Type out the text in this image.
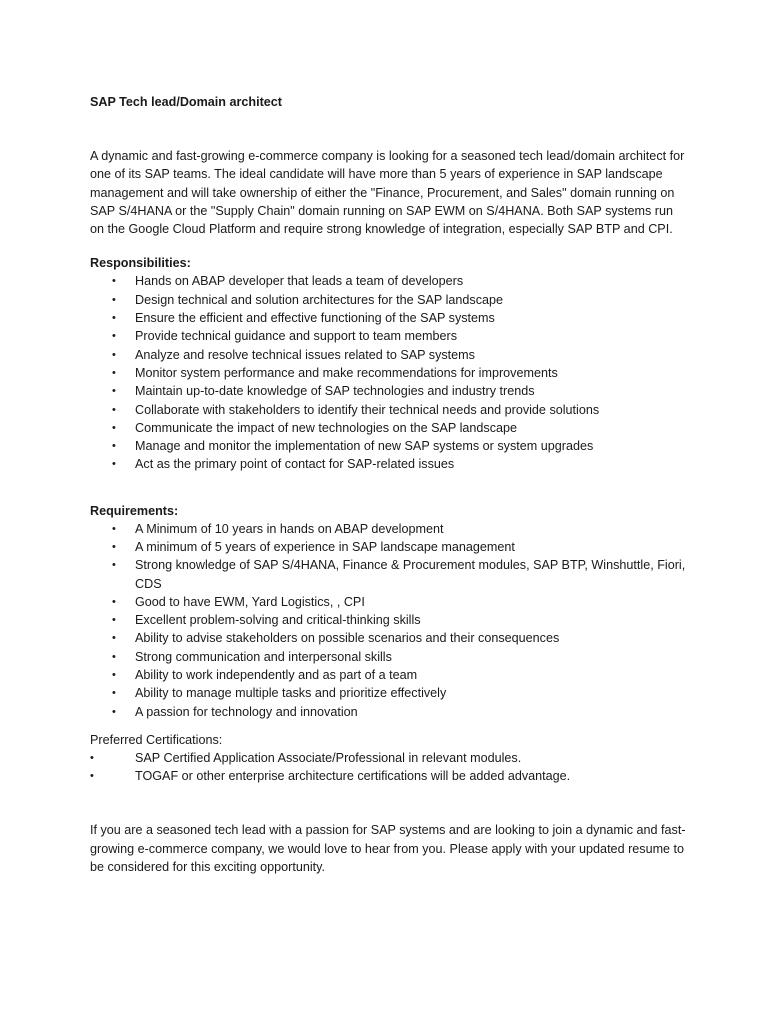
SAP Tech lead/Domain architect

A dynamic and fast-growing e-commerce company is looking for a seasoned tech lead/domain architect for one of its SAP teams. The ideal candidate will have more than 5 years of experience in SAP landscape management and will take ownership of either the "Finance, Procurement, and Sales" domain running on SAP S/4HANA or the "Supply Chain" domain running on SAP EWM on S/4HANA. Both SAP systems run on the Google Cloud Platform and require strong knowledge of integration, especially SAP BTP and CPI.

Responsibilities:

• Hands on ABAP developer that leads a team of developers
• Design technical and solution architectures for the SAP landscape
• Ensure the efficient and effective functioning of the SAP systems
• Provide technical guidance and support to team members
• Analyze and resolve technical issues related to SAP systems
• Monitor system performance and make recommendations for improvements
• Maintain up-to-date knowledge of SAP technologies and industry trends
• Collaborate with stakeholders to identify their technical needs and provide solutions
• Communicate the impact of new technologies on the SAP landscape
• Manage and monitor the implementation of new SAP systems or system upgrades
• Act as the primary point of contact for SAP-related issues

Requirements:

• A Minimum of 10 years in hands on ABAP development
• A minimum of 5 years of experience in SAP landscape management
• Strong knowledge of SAP S/4HANA, Finance & Procurement modules, SAP BTP, Winshuttle, Fiori, CDS
• Good to have EWM, Yard Logistics, , CPI
• Excellent problem-solving and critical-thinking skills
• Ability to advise stakeholders on possible scenarios and their consequences
• Strong communication and interpersonal skills
• Ability to work independently and as part of a team
• Ability to manage multiple tasks and prioritize effectively
• A passion for technology and innovation

Preferred Certifications:

•	SAP Certified Application Associate/Professional in relevant modules.
•	TOGAF or other enterprise architecture certifications will be added advantage.

If you are a seasoned tech lead with a passion for SAP systems and are looking to join a dynamic and fast-growing e-commerce company, we would love to hear from you. Please apply with your updated resume to be considered for this exciting opportunity.
